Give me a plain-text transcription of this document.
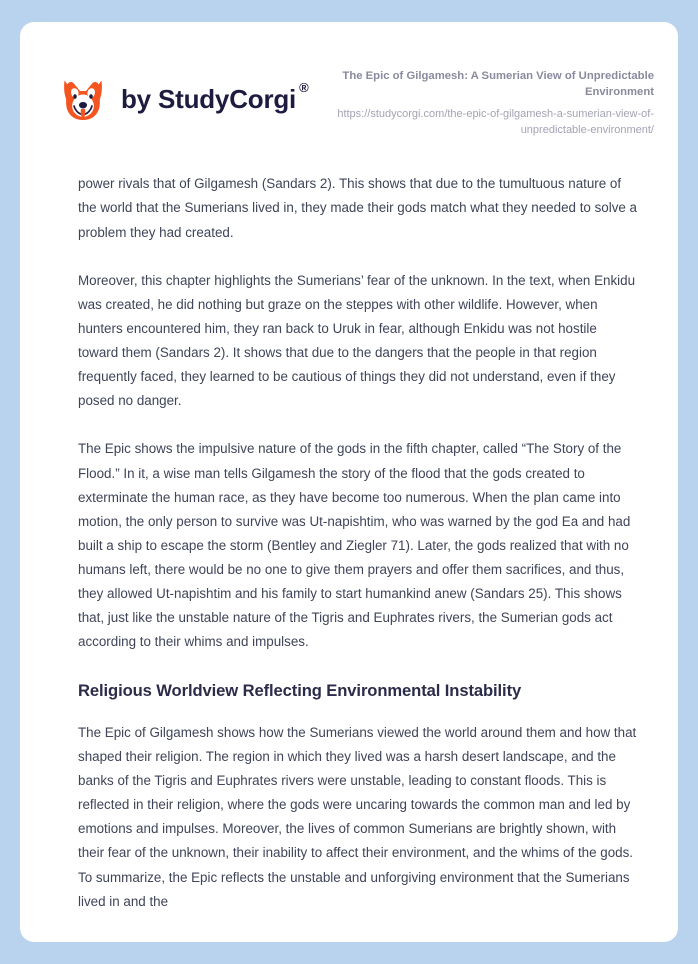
by StudyCorgi ®
The Epic of Gilgamesh: A Sumerian View of Unpredictable Environment
https://studycorgi.com/the-epic-of-gilgamesh-a-sumerian-view-of-unpredictable-environment/

power rivals that of Gilgamesh (Sandars 2). This shows that due to the tumultuous nature of the world that the Sumerians lived in, they made their gods match what they needed to solve a problem they had created.

Moreover, this chapter highlights the Sumerians’ fear of the unknown. In the text, when Enkidu was created, he did nothing but graze on the steppes with other wildlife. However, when hunters encountered him, they ran back to Uruk in fear, although Enkidu was not hostile toward them (Sandars 2). It shows that due to the dangers that the people in that region frequently faced, they learned to be cautious of things they did not understand, even if they posed no danger.

The Epic shows the impulsive nature of the gods in the fifth chapter, called “The Story of the Flood.” In it, a wise man tells Gilgamesh the story of the flood that the gods created to exterminate the human race, as they have become too numerous. When the plan came into motion, the only person to survive was Ut-napishtim, who was warned by the god Ea and had built a ship to escape the storm (Bentley and Ziegler 71). Later, the gods realized that with no humans left, there would be no one to give them prayers and offer them sacrifices, and thus, they allowed Ut-napishtim and his family to start humankind anew (Sandars 25). This shows that, just like the unstable nature of the Tigris and Euphrates rivers, the Sumerian gods act according to their whims and impulses.

Religious Worldview Reflecting Environmental Instability

The Epic of Gilgamesh shows how the Sumerians viewed the world around them and how that shaped their religion. The region in which they lived was a harsh desert landscape, and the banks of the Tigris and Euphrates rivers were unstable, leading to constant floods. This is reflected in their religion, where the gods were uncaring towards the common man and led by emotions and impulses. Moreover, the lives of common Sumerians are brightly shown, with their fear of the unknown, their inability to affect their environment, and the whims of the gods. To summarize, the Epic reflects the unstable and unforgiving environment that the Sumerians lived in and the
